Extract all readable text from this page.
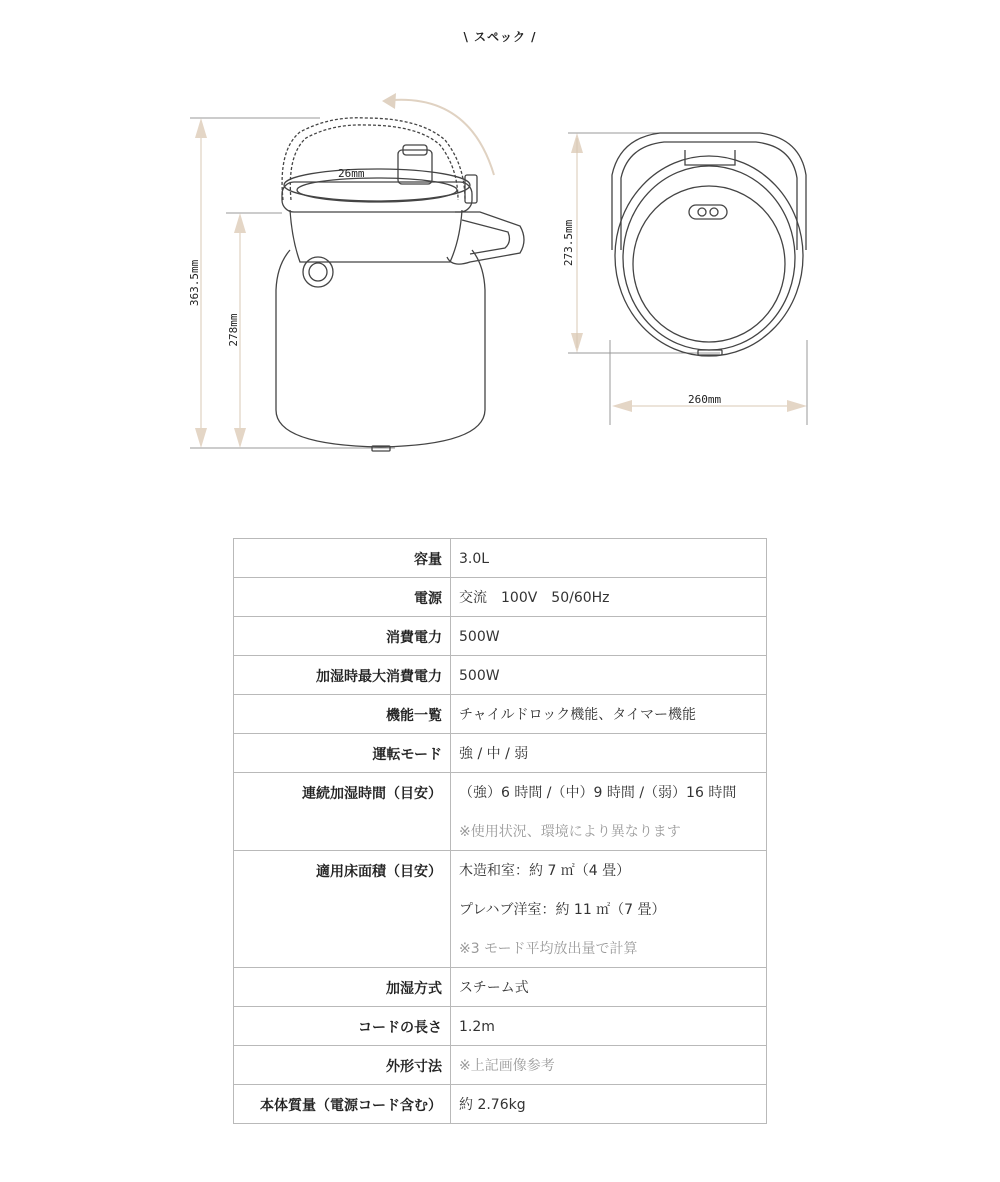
\ スペック /
363.5mm
278mm
26mm
273.5mm
260mm
容量	3.0L

電源	交流　100V　50/60Hz

消費電力	500W

加湿時最大消費電力	500W

機能一覧	チャイルドロック機能、タイマー機能

運転モード	強 / 中 / 弱

連続加湿時間（目安）	（強）6 時間 /（中）9 時間 /（弱）16 時間
※使用状況、環境により異なります

適用床面積（目安）	木造和室：約 7 ㎡（4 畳）
プレハブ洋室：約 11 ㎡（7 畳）
※3 モード平均放出量で計算

加湿方式	スチーム式

コードの長さ	1.2m

外形寸法	※上記画像参考

本体質量（電源コード含む）	約 2.76kg
